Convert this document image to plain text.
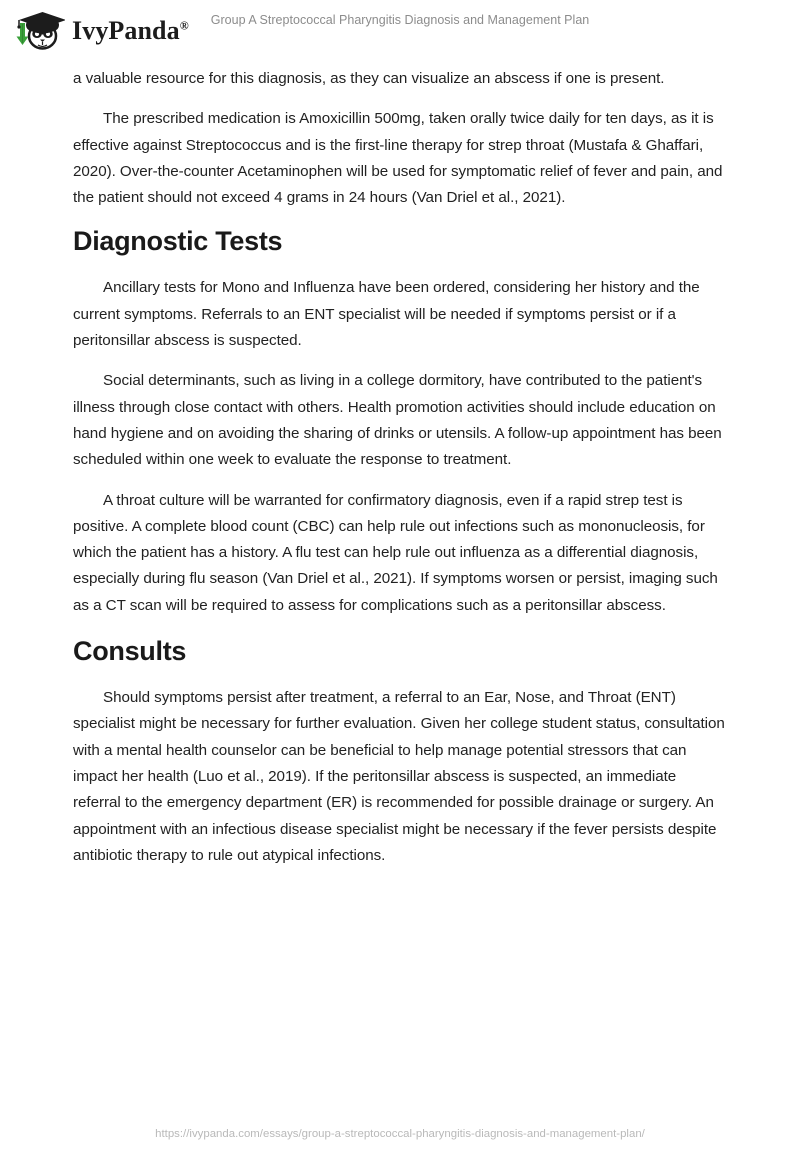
IvyPanda®	Group A Streptococcal Pharyngitis Diagnosis and Management Plan

a valuable resource for this diagnosis, as they can visualize an abscess if one is present.

The prescribed medication is Amoxicillin 500mg, taken orally twice daily for ten days, as it is effective against Streptococcus and is the first-line therapy for strep throat (Mustafa & Ghaffari, 2020). Over-the-counter Acetaminophen will be used for symptomatic relief of fever and pain, and the patient should not exceed 4 grams in 24 hours (Van Driel et al., 2021).

Diagnostic Tests

Ancillary tests for Mono and Influenza have been ordered, considering her history and the current symptoms. Referrals to an ENT specialist will be needed if symptoms persist or if a peritonsillar abscess is suspected.

Social determinants, such as living in a college dormitory, have contributed to the patient's illness through close contact with others. Health promotion activities should include education on hand hygiene and on avoiding the sharing of drinks or utensils. A follow-up appointment has been scheduled within one week to evaluate the response to treatment.

A throat culture will be warranted for confirmatory diagnosis, even if a rapid strep test is positive. A complete blood count (CBC) can help rule out infections such as mononucleosis, for which the patient has a history. A flu test can help rule out influenza as a differential diagnosis, especially during flu season (Van Driel et al., 2021). If symptoms worsen or persist, imaging such as a CT scan will be required to assess for complications such as a peritonsillar abscess.

Consults

Should symptoms persist after treatment, a referral to an Ear, Nose, and Throat (ENT) specialist might be necessary for further evaluation. Given her college student status, consultation with a mental health counselor can be beneficial to help manage potential stressors that can impact her health (Luo et al., 2019). If the peritonsillar abscess is suspected, an immediate referral to the emergency department (ER) is recommended for possible drainage or surgery. An appointment with an infectious disease specialist might be necessary if the fever persists despite antibiotic therapy to rule out atypical infections.

https://ivypanda.com/essays/group-a-streptococcal-pharyngitis-diagnosis-and-management-plan/
